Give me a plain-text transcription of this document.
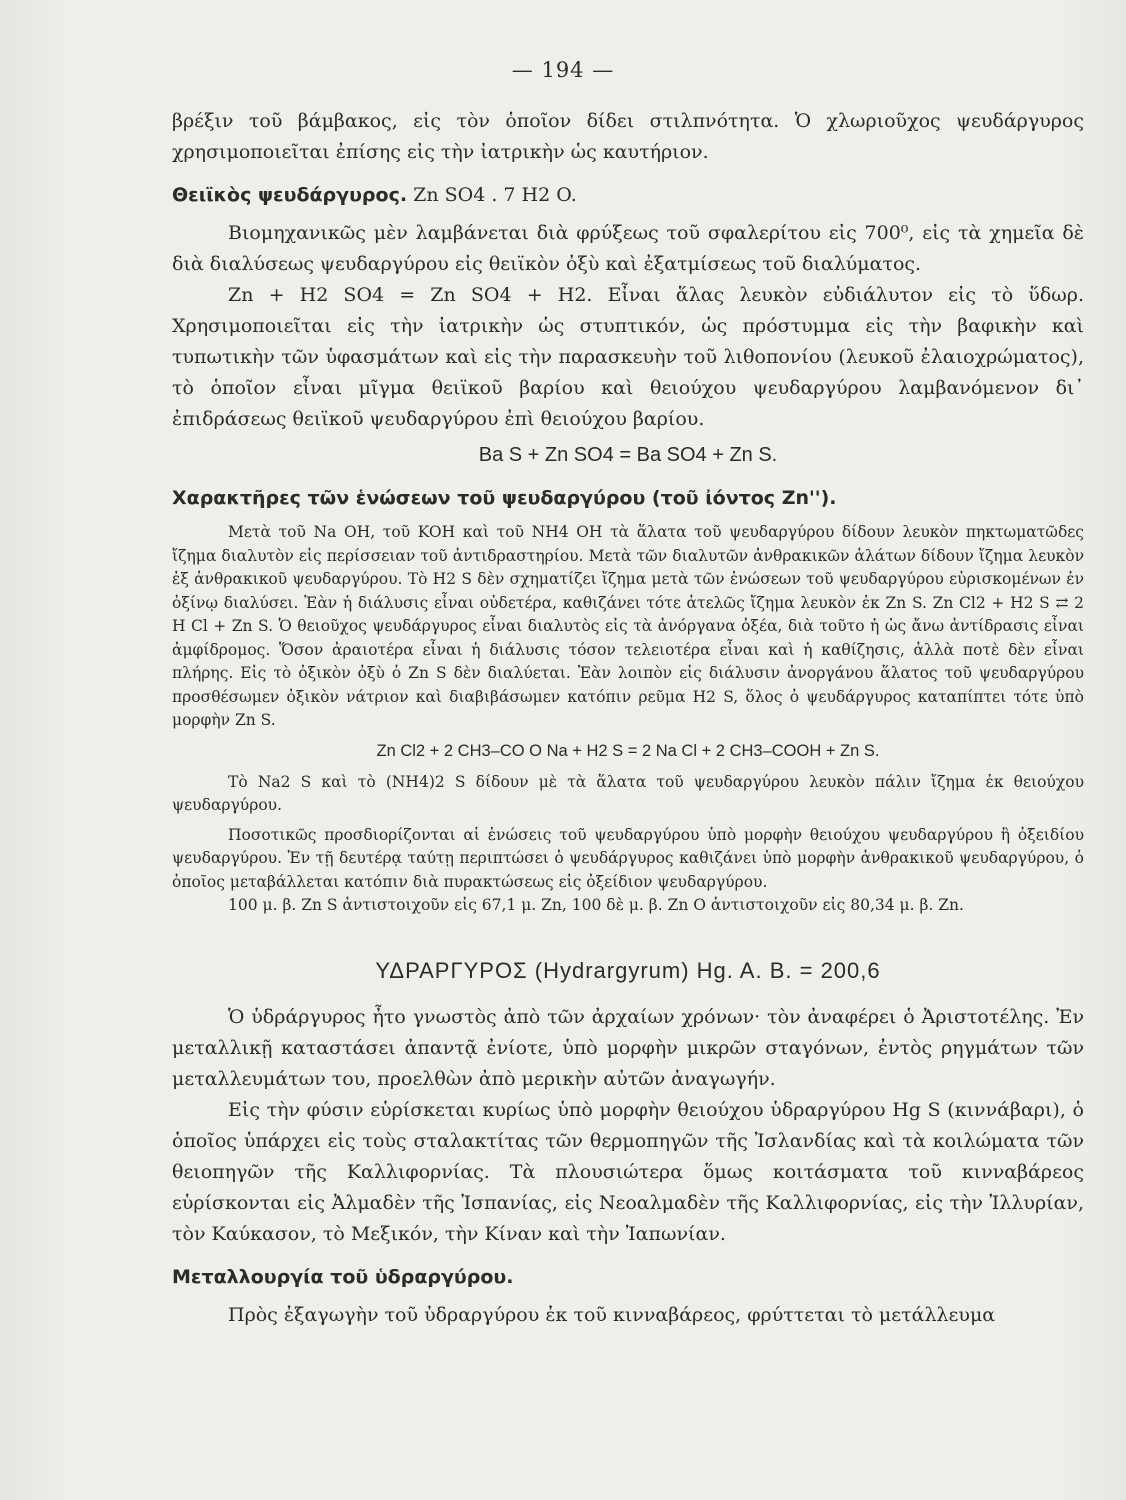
— 194 —

βρέξιν τοῦ βάμβακος, εἰς τὸν ὁποῖον δίδει στιλπνότητα. Ὁ χλωριοῦχος ψευδάργυρος χρησιμοποιεῖται ἐπίσης εἰς τὴν ἰατρικὴν ὡς καυτήριον.

Θειϊκὸς ψευδάργυρος. Zn SO4 . 7 H2 O.

Βιομηχανικῶς μὲν λαμβάνεται διὰ φρύξεως τοῦ σφαλερίτου εἰς 700⁰, εἰς τὰ χημεῖα δὲ διὰ διαλύσεως ψευδαργύρου εἰς θειϊκὸν ὀξὺ καὶ ἐξατμίσεως τοῦ διαλύματος.

Zn + H2 SO4 = Zn SO4 + H2. Εἶναι ἅλας λευκὸν εὐδιάλυτον εἰς τὸ ὕδωρ. Χρησιμοποιεῖται εἰς τὴν ἰατρικὴν ὡς στυπτικόν, ὡς πρόστυμμα εἰς τὴν βαφικὴν καὶ τυπωτικὴν τῶν ὑφασμάτων καὶ εἰς τὴν παρασκευὴν τοῦ λιθοπονίου (λευκοῦ ἐλαιοχρώματος), τὸ ὁποῖον εἶναι μῖγμα θειϊκοῦ βαρίου καὶ θειούχου ψευδαργύρου λαμβανόμενον δι᾽ ἐπιδράσεως θειϊκοῦ ψευδαργύρου ἐπὶ θειούχου βαρίου.

Ba S + Zn SO4 = Ba SO4 + Zn S.
Χαρακτῆρες τῶν ἑνώσεων τοῦ ψευδαργύρου (τοῦ ἰόντος Zn'').

Μετὰ τοῦ Na OH, τοῦ KOH καὶ τοῦ NH4 OH τὰ ἅλατα τοῦ ψευδαργύρου δίδουν λευκὸν πηκτωματῶδες ἴζημα διαλυτὸν εἰς περίσσειαν τοῦ ἀντιδραστηρίου. Μετὰ τῶν διαλυτῶν ἀνθρακικῶν ἁλάτων δίδουν ἴζημα λευκὸν ἐξ ἀνθρακικοῦ ψευδαργύρου. Τὸ H2 S δὲν σχηματίζει ἴζημα μετὰ τῶν ἑνώσεων τοῦ ψευδαργύρου εὑρισκομένων ἐν ὀξίνῳ διαλύσει. Ἐὰν ἡ διάλυσις εἶναι οὐδετέρα, καθιζάνει τότε ἀτελῶς ἴζημα λευκὸν ἐκ Zn S. Zn Cl2 + H2 S ⇄ 2 H Cl + Zn S. Ὁ θειοῦχος ψευδάργυρος εἶναι διαλυτὸς εἰς τὰ ἀνόργανα ὀξέα, διὰ τοῦτο ἡ ὡς ἄνω ἀντίδρασις εἶναι ἀμφίδρομος. Ὅσον ἀραιοτέρα εἶναι ἡ διάλυσις τόσον τελειοτέρα εἶναι καὶ ἡ καθίζησις, ἀλλὰ ποτὲ δὲν εἶναι πλήρης. Εἰς τὸ ὀξικὸν ὀξὺ ὁ Zn S δὲν διαλύεται. Ἐὰν λοιπὸν εἰς διάλυσιν ἀνοργάνου ἅλατος τοῦ ψευδαργύρου προσθέσωμεν ὀξικὸν νάτριον καὶ διαβιβάσωμεν κατόπιν ρεῦμα H2 S, ὅλος ὁ ψευδάργυρος καταπίπτει τότε ὑπὸ μορφὴν Zn S.

Zn Cl2 + 2 CH3–CO O Na + H2 S = 2 Na Cl + 2 CH3–COOH + Zn S.

Τὸ Na2 S καὶ τὸ (NH4)2 S δίδουν μὲ τὰ ἅλατα τοῦ ψευδαργύρου λευκὸν πάλιν ἴζημα ἐκ θειούχου ψευδαργύρου.

Ποσοτικῶς προσδιορίζονται αἱ ἑνώσεις τοῦ ψευδαργύρου ὑπὸ μορφὴν θειούχου ψευδαργύρου ἢ ὀξειδίου ψευδαργύρου. Ἐν τῇ δευτέρᾳ ταύτῃ περιπτώσει ὁ ψευδάργυρος καθιζάνει ὑπὸ μορφὴν ἀνθρακικοῦ ψευδαργύρου, ὁ ὁποῖος μεταβάλλεται κατόπιν διὰ πυρακτώσεως εἰς ὀξείδιον ψευδαργύρου.

100 μ. β. Zn S ἀντιστοιχοῦν εἰς 67,1 μ. Zn, 100 δὲ μ. β. Zn O ἀντιστοιχοῦν εἰς 80,34 μ. β. Zn.

ΥΔΡΑΡΓΥΡΟΣ (Hydrargyrum) Hg. A. B. = 200,6

Ὁ ὑδράργυρος ἦτο γνωστὸς ἀπὸ τῶν ἀρχαίων χρόνων· τὸν ἀναφέρει ὁ Ἀριστοτέλης. Ἐν μεταλλικῇ καταστάσει ἀπαντᾷ ἐνίοτε, ὑπὸ μορφὴν μικρῶν σταγόνων, ἐντὸς ρηγμάτων τῶν μεταλλευμάτων του, προελθὼν ἀπὸ μερικὴν αὐτῶν ἀναγωγήν.

Εἰς τὴν φύσιν εὑρίσκεται κυρίως ὑπὸ μορφὴν θειούχου ὑδραργύρου Hg S (κιννάβαρι), ὁ ὁποῖος ὑπάρχει εἰς τοὺς σταλακτίτας τῶν θερμοπηγῶν τῆς Ἰσλανδίας καὶ τὰ κοιλώματα τῶν θειοπηγῶν τῆς Καλλιφορνίας. Τὰ πλουσιώτερα ὅμως κοιτάσματα τοῦ κινναβάρεος εὑρίσκονται εἰς Ἀλμαδὲν τῆς Ἰσπανίας, εἰς Νεοαλμαδὲν τῆς Καλλιφορνίας, εἰς τὴν Ἰλλυρίαν, τὸν Καύκασον, τὸ Μεξικόν, τὴν Κίναν καὶ τὴν Ἰαπωνίαν.

Μεταλλουργία τοῦ ὑδραργύρου.

Πρὸς ἐξαγωγὴν τοῦ ὑδραργύρου ἐκ τοῦ κινναβάρεος, φρύττεται τὸ μετάλλευμα
